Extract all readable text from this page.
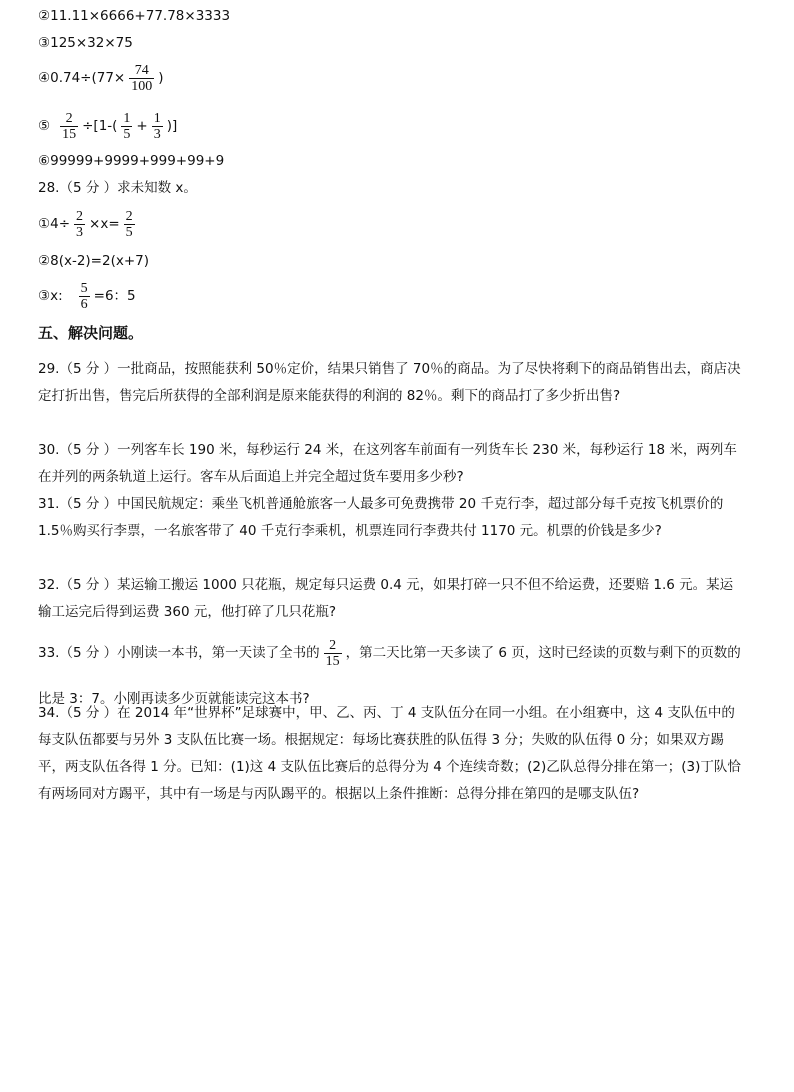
②11.11×6666+77.78×3333
③125×32×75
④0.74÷(77× $\frac{74}{100}$ )
⑤ $\frac{2}{15} \div[1-( \frac{1}{5} + \frac{1}{3}$ )]
⑥99999+9999+999+99+9
28.（5 分 ）求未知数 x。
①4÷ $\frac{2}{3} \times x= \frac{2}{5}$
②8(x-2)=2(x+7)
③x: $\frac{5}{6} =6$：5
五、解决问题。
29.（5 分 ）一批商品，按照能获利 50％定价，结果只销售了 70％的商品。为了尽快将剩下的商品销售出去，商店决定打折出售，售完后所获得的全部利润是原来能获得的利润的 82％。剩下的商品打了多少折出售?
30.（5 分 ）一列客车长 190 米，每秒运行 24 米，在这列客车前面有一列货车长 230 米，每秒运行 18 米，两列车在并列的两条轨道上运行。客车从后面追上并完全超过货车要用多少秒?
31.（5 分 ）中国民航规定：乘坐飞机普通舱旅客一人最多可免费携带 20 千克行李，超过部分每千克按飞机票价的 1.5％购买行李票，一名旅客带了 40 千克行李乘机，机票连同行李费共付 1170 元。机票的价钱是多少?
32.（5 分 ）某运输工搬运 1000 只花瓶，规定每只运费 0.4 元，如果打碎一只不但不给运费，还要赔 1.6 元。某运输工运完后得到运费 360 元，他打碎了几只花瓶?
33.（5 分 ）小刚读一本书，第一天读了全书的 $\frac{2}{15}$ ，第二天比第一天多读了 6 页，这时已经读的页数与剩下的页数的比是 3：7。小刚再读多少页就能读完这本书?
34.（5 分 ）在 2014 年“世界杯”足球赛中，甲、乙、丙、丁 4 支队伍分在同一小组。在小组赛中，这 4 支队伍中的每支队伍都要与另外 3 支队伍比赛一场。根据规定：每场比赛获胜的队伍得 3 分；失败的队伍得 0 分；如果双方踢平，两支队伍各得 1 分。已知：(1)这 4 支队伍比赛后的总得分为 4 个连续奇数；(2)乙队总得分排在第一；(3)丁队恰有两场同对方踢平，其中有一场是与丙队踢平的。根据以上条件推断：总得分排在第四的是哪支队伍?
